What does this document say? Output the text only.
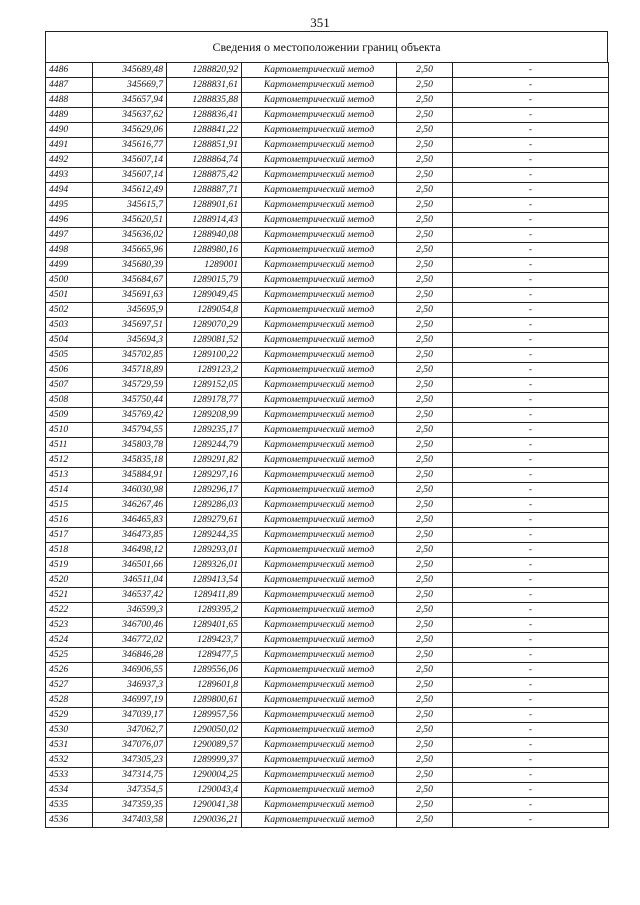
351
Сведения о местоположении границ объекта
4486	345689,48	1288820,92	Картометрический метод	2,50	-
4487	345669,7	1288831,61	Картометрический метод	2,50	-
4488	345657,94	1288835,88	Картометрический метод	2,50	-
4489	345637,62	1288836,41	Картометрический метод	2,50	-
4490	345629,06	1288841,22	Картометрический метод	2,50	-
4491	345616,77	1288851,91	Картометрический метод	2,50	-
4492	345607,14	1288864,74	Картометрический метод	2,50	-
4493	345607,14	1288875,42	Картометрический метод	2,50	-
4494	345612,49	1288887,71	Картометрический метод	2,50	-
4495	345615,7	1288901,61	Картометрический метод	2,50	-
4496	345620,51	1288914,43	Картометрический метод	2,50	-
4497	345636,02	1288940,08	Картометрический метод	2,50	-
4498	345665,96	1288980,16	Картометрический метод	2,50	-
4499	345680,39	1289001	Картометрический метод	2,50	-
4500	345684,67	1289015,79	Картометрический метод	2,50	-
4501	345691,63	1289049,45	Картометрический метод	2,50	-
4502	345695,9	1289054,8	Картометрический метод	2,50	-
4503	345697,51	1289070,29	Картометрический метод	2,50	-
4504	345694,3	1289081,52	Картометрический метод	2,50	-
4505	345702,85	1289100,22	Картометрический метод	2,50	-
4506	345718,89	1289123,2	Картометрический метод	2,50	-
4507	345729,59	1289152,05	Картометрический метод	2,50	-
4508	345750,44	1289178,77	Картометрический метод	2,50	-
4509	345769,42	1289208,99	Картометрический метод	2,50	-
4510	345794,55	1289235,17	Картометрический метод	2,50	-
4511	345803,78	1289244,79	Картометрический метод	2,50	-
4512	345835,18	1289291,82	Картометрический метод	2,50	-
4513	345884,91	1289297,16	Картометрический метод	2,50	-
4514	346030,98	1289296,17	Картометрический метод	2,50	-
4515	346267,46	1289286,03	Картометрический метод	2,50	-
4516	346465,83	1289279,61	Картометрический метод	2,50	-
4517	346473,85	1289244,35	Картометрический метод	2,50	-
4518	346498,12	1289293,01	Картометрический метод	2,50	-
4519	346501,66	1289326,01	Картометрический метод	2,50	-
4520	346511,04	1289413,54	Картометрический метод	2,50	-
4521	346537,42	1289411,89	Картометрический метод	2,50	-
4522	346599,3	1289395,2	Картометрический метод	2,50	-
4523	346700,46	1289401,65	Картометрический метод	2,50	-
4524	346772,02	1289423,7	Картометрический метод	2,50	-
4525	346846,28	1289477,5	Картометрический метод	2,50	-
4526	346906,55	1289556,06	Картометрический метод	2,50	-
4527	346937,3	1289601,8	Картометрический метод	2,50	-
4528	346997,19	1289800,61	Картометрический метод	2,50	-
4529	347039,17	1289957,56	Картометрический метод	2,50	-
4530	347062,7	1290050,02	Картометрический метод	2,50	-
4531	347076,07	1290089,57	Картометрический метод	2,50	-
4532	347305,23	1289999,37	Картометрический метод	2,50	-
4533	347314,75	1290004,25	Картометрический метод	2,50	-
4534	347354,5	1290043,4	Картометрический метод	2,50	-
4535	347359,35	1290041,38	Картометрический метод	2,50	-
4536	347403,58	1290036,21	Картометрический метод	2,50	-
